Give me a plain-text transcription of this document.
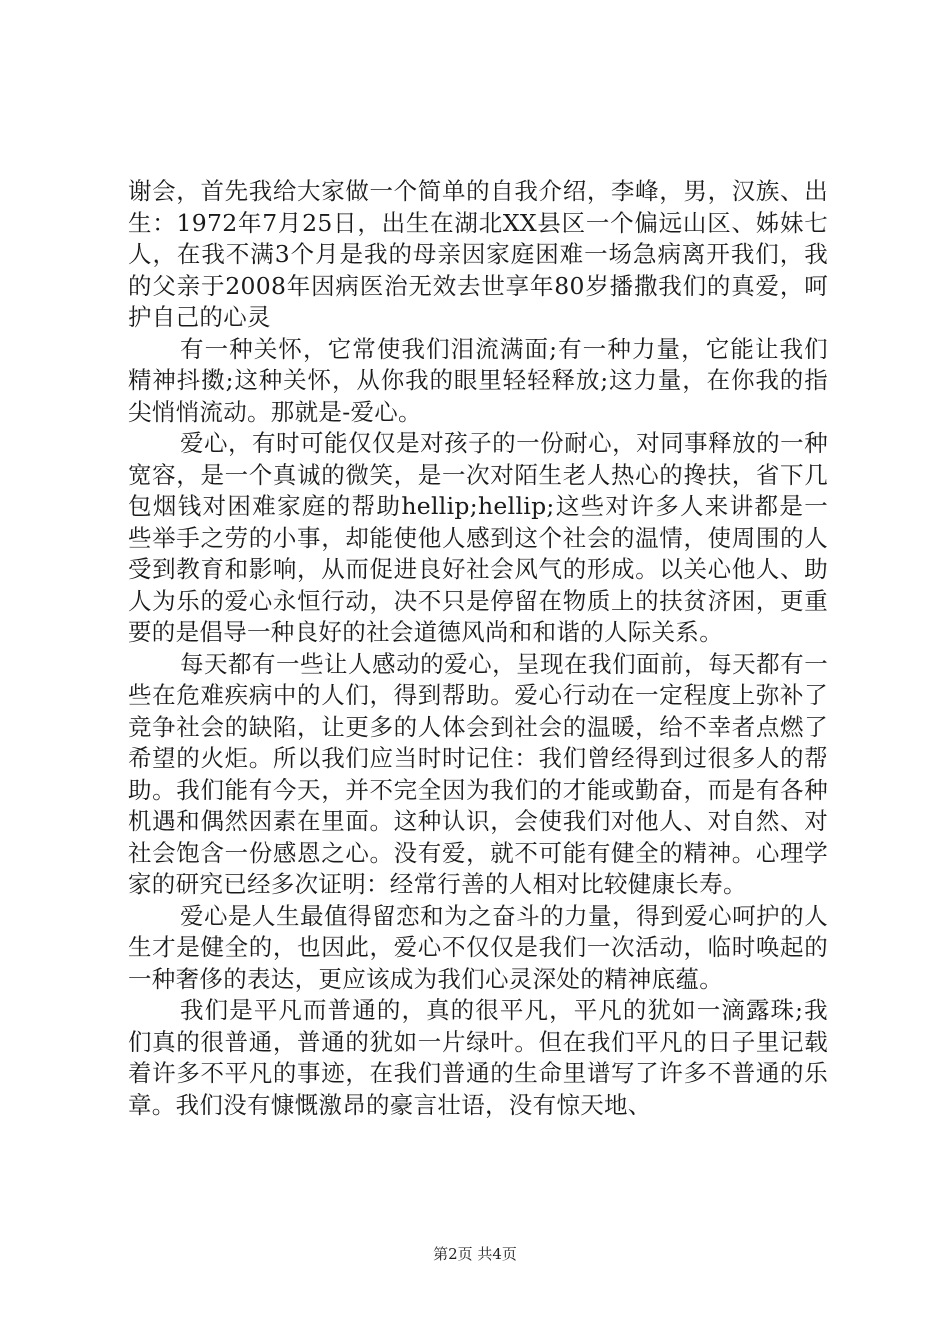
谢会，首先我给大家做一个简单的自我介绍，李峰，男，汉族、出生：1972年7月25日，出生在湖北XX县区一个偏远山区、姊妹七人，在我不满3个月是我的母亲因家庭困难一场急病离开我们，我的父亲于2008年因病医治无效去世享年80岁播撒我们的真爱，呵护自己的心灵

有一种关怀，它常使我们泪流满面;有一种力量，它能让我们精神抖擞;这种关怀，从你我的眼里轻轻释放;这力量，在你我的指尖悄悄流动。那就是-爱心。

爱心，有时可能仅仅是对孩子的一份耐心，对同事释放的一种宽容，是一个真诚的微笑，是一次对陌生老人热心的搀扶，省下几包烟钱对困难家庭的帮助hellip;hellip;这些对许多人来讲都是一些举手之劳的小事，却能使他人感到这个社会的温情，使周围的人受到教育和影响，从而促进良好社会风气的形成。以关心他人、助人为乐的爱心永恒行动，决不只是停留在物质上的扶贫济困，更重要的是倡导一种良好的社会道德风尚和和谐的人际关系。

每天都有一些让人感动的爱心，呈现在我们面前，每天都有一些在危难疾病中的人们，得到帮助。爱心行动在一定程度上弥补了竞争社会的缺陷，让更多的人体会到社会的温暖，给不幸者点燃了希望的火炬。所以我们应当时时记住：我们曾经得到过很多人的帮助。我们能有今天，并不完全因为我们的才能或勤奋，而是有各种机遇和偶然因素在里面。这种认识，会使我们对他人、对自然、对社会饱含一份感恩之心。没有爱，就不可能有健全的精神。心理学家的研究已经多次证明：经常行善的人相对比较健康长寿。

爱心是人生最值得留恋和为之奋斗的力量，得到爱心呵护的人生才是健全的，也因此，爱心不仅仅是我们一次活动，临时唤起的一种奢侈的表达，更应该成为我们心灵深处的精神底蕴。

我们是平凡而普通的，真的很平凡，平凡的犹如一滴露珠;我们真的很普通，普通的犹如一片绿叶。但在我们平凡的日子里记载着许多不平凡的事迹，在我们普通的生命里谱写了许多不普通的乐章。我们没有慷慨激昂的豪言壮语，没有惊天地、

第2页 共4页
